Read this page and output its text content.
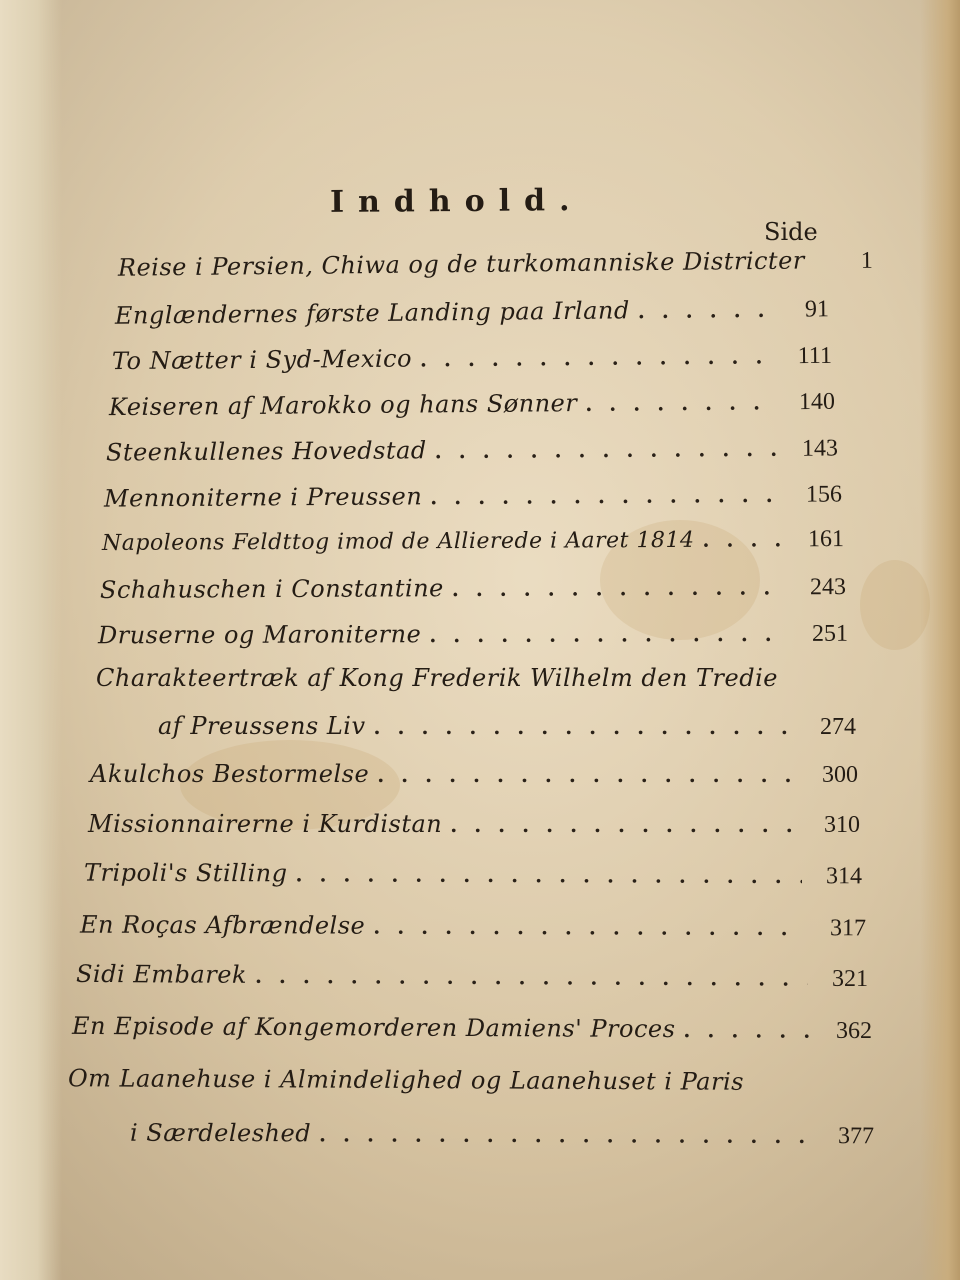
Indhold.
Side
Reise i Persien, Chiwa og de turkomanniske Districter .....	1
Englændernes første Landing paa Irland .....	91
To Nætter i Syd-Mexico .....	111
Keiseren af Marokko og hans Sønner .....	140
Steenkullenes Hovedstad .....	143
Mennoniterne i Preussen .....	156
Napoleons Feldttog imod de Allierede i Aaret 1814 .....	161
Schahuschen i Constantine .....	243
Druserne og Maroniterne .....	251
Charakteertræk af Kong Frederik Wilhelm den Tredie
af Preussens Liv .....	274
Akulchos Bestormelse .....	300
Missionnairerne i Kurdistan .....	310
Tripoli's Stilling .....	314
En Roças Afbrændelse .....	317
Sidi Embarek .....	321
En Episode af Kongemorderen Damiens' Proces .....	362
Om Laanehuse i Almindelighed og Laanehuset i Paris
i Særdeleshed .....	377
